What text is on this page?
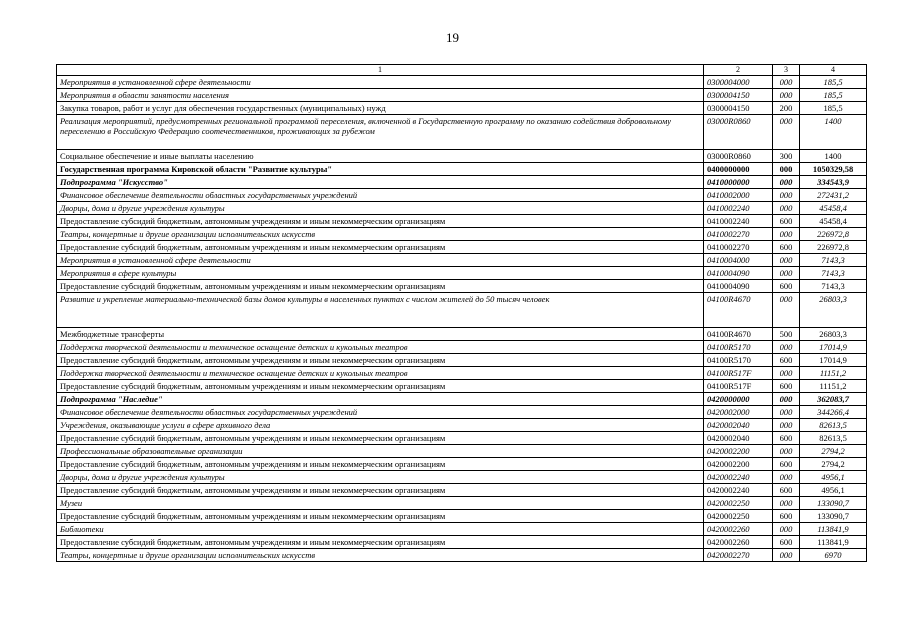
19
1	2	3	4
Мероприятия в установленной сфере деятельности	0300004000	000	185,5
Мероприятия в области занятости населения	0300004150	000	185,5
Закупка товаров, работ и услуг для обеспечения государственных (муниципальных) нужд	0300004150	200	185,5
Реализация мероприятий, предусмотренных региональной программой переселения, включенной в Государственную программу по оказанию содействия добровольному переселению в Российскую Федерацию соотечественников, проживающих за рубежом	03000R0860	000	1400
Социальное обеспечение и иные выплаты населению	03000R0860	300	1400
Государственная программа Кировской области "Развитие культуры"	0400000000	000	1050329,58
Подпрограмма "Искусство"	0410000000	000	334543,9
Финансовое обеспечение деятельности областных государственных учреждений	0410002000	000	272431,2
Дворцы, дома и другие учреждения культуры	0410002240	000	45458,4
Предоставление субсидий бюджетным, автономным учреждениям и иным некоммерческим организациям	0410002240	600	45458,4
Театры, концертные и другие организации исполнительских искусств	0410002270	000	226972,8
Предоставление субсидий бюджетным, автономным учреждениям и иным некоммерческим организациям	0410002270	600	226972,8
Мероприятия в установленной сфере деятельности	0410004000	000	7143,3
Мероприятия в сфере культуры	0410004090	000	7143,3
Предоставление субсидий бюджетным, автономным учреждениям и иным некоммерческим организациям	0410004090	600	7143,3
Развитие и укрепление материально-технической базы домов культуры в населенных пунктах с числом жителей до 50 тысяч человек	04100R4670	000	26803,3
Межбюджетные трансферты	04100R4670	500	26803,3
Поддержка творческой деятельности и техническое оснащение детских и кукольных театров	04100R5170	000	17014,9
Предоставление субсидий бюджетным, автономным учреждениям и иным некоммерческим организациям	04100R5170	600	17014,9
Поддержка творческой деятельности и техническое оснащение детских и кукольных театров	04100R517F	000	11151,2
Предоставление субсидий бюджетным, автономным учреждениям и иным некоммерческим организациям	04100R517F	600	11151,2
Подпрограмма "Наследие"	0420000000	000	362083,7
Финансовое обеспечение деятельности областных государственных учреждений	0420002000	000	344266,4
Учреждения, оказывающие услуги в сфере архивного дела	0420002040	000	82613,5
Предоставление субсидий бюджетным, автономным учреждениям и иным некоммерческим организациям	0420002040	600	82613,5
Профессиональные образовательные организации	0420002200	000	2794,2
Предоставление субсидий бюджетным, автономным учреждениям и иным некоммерческим организациям	0420002200	600	2794,2
Дворцы, дома и другие учреждения культуры	0420002240	000	4956,1
Предоставление субсидий бюджетным, автономным учреждениям и иным некоммерческим организациям	0420002240	600	4956,1
Музеи	0420002250	000	133090,7
Предоставление субсидий бюджетным, автономным учреждениям и иным некоммерческим организациям	0420002250	600	133090,7
Библиотеки	0420002260	000	113841,9
Предоставление субсидий бюджетным, автономным учреждениям и иным некоммерческим организациям	0420002260	600	113841,9
Театры, концертные и другие организации исполнительских искусств	0420002270	000	6970
